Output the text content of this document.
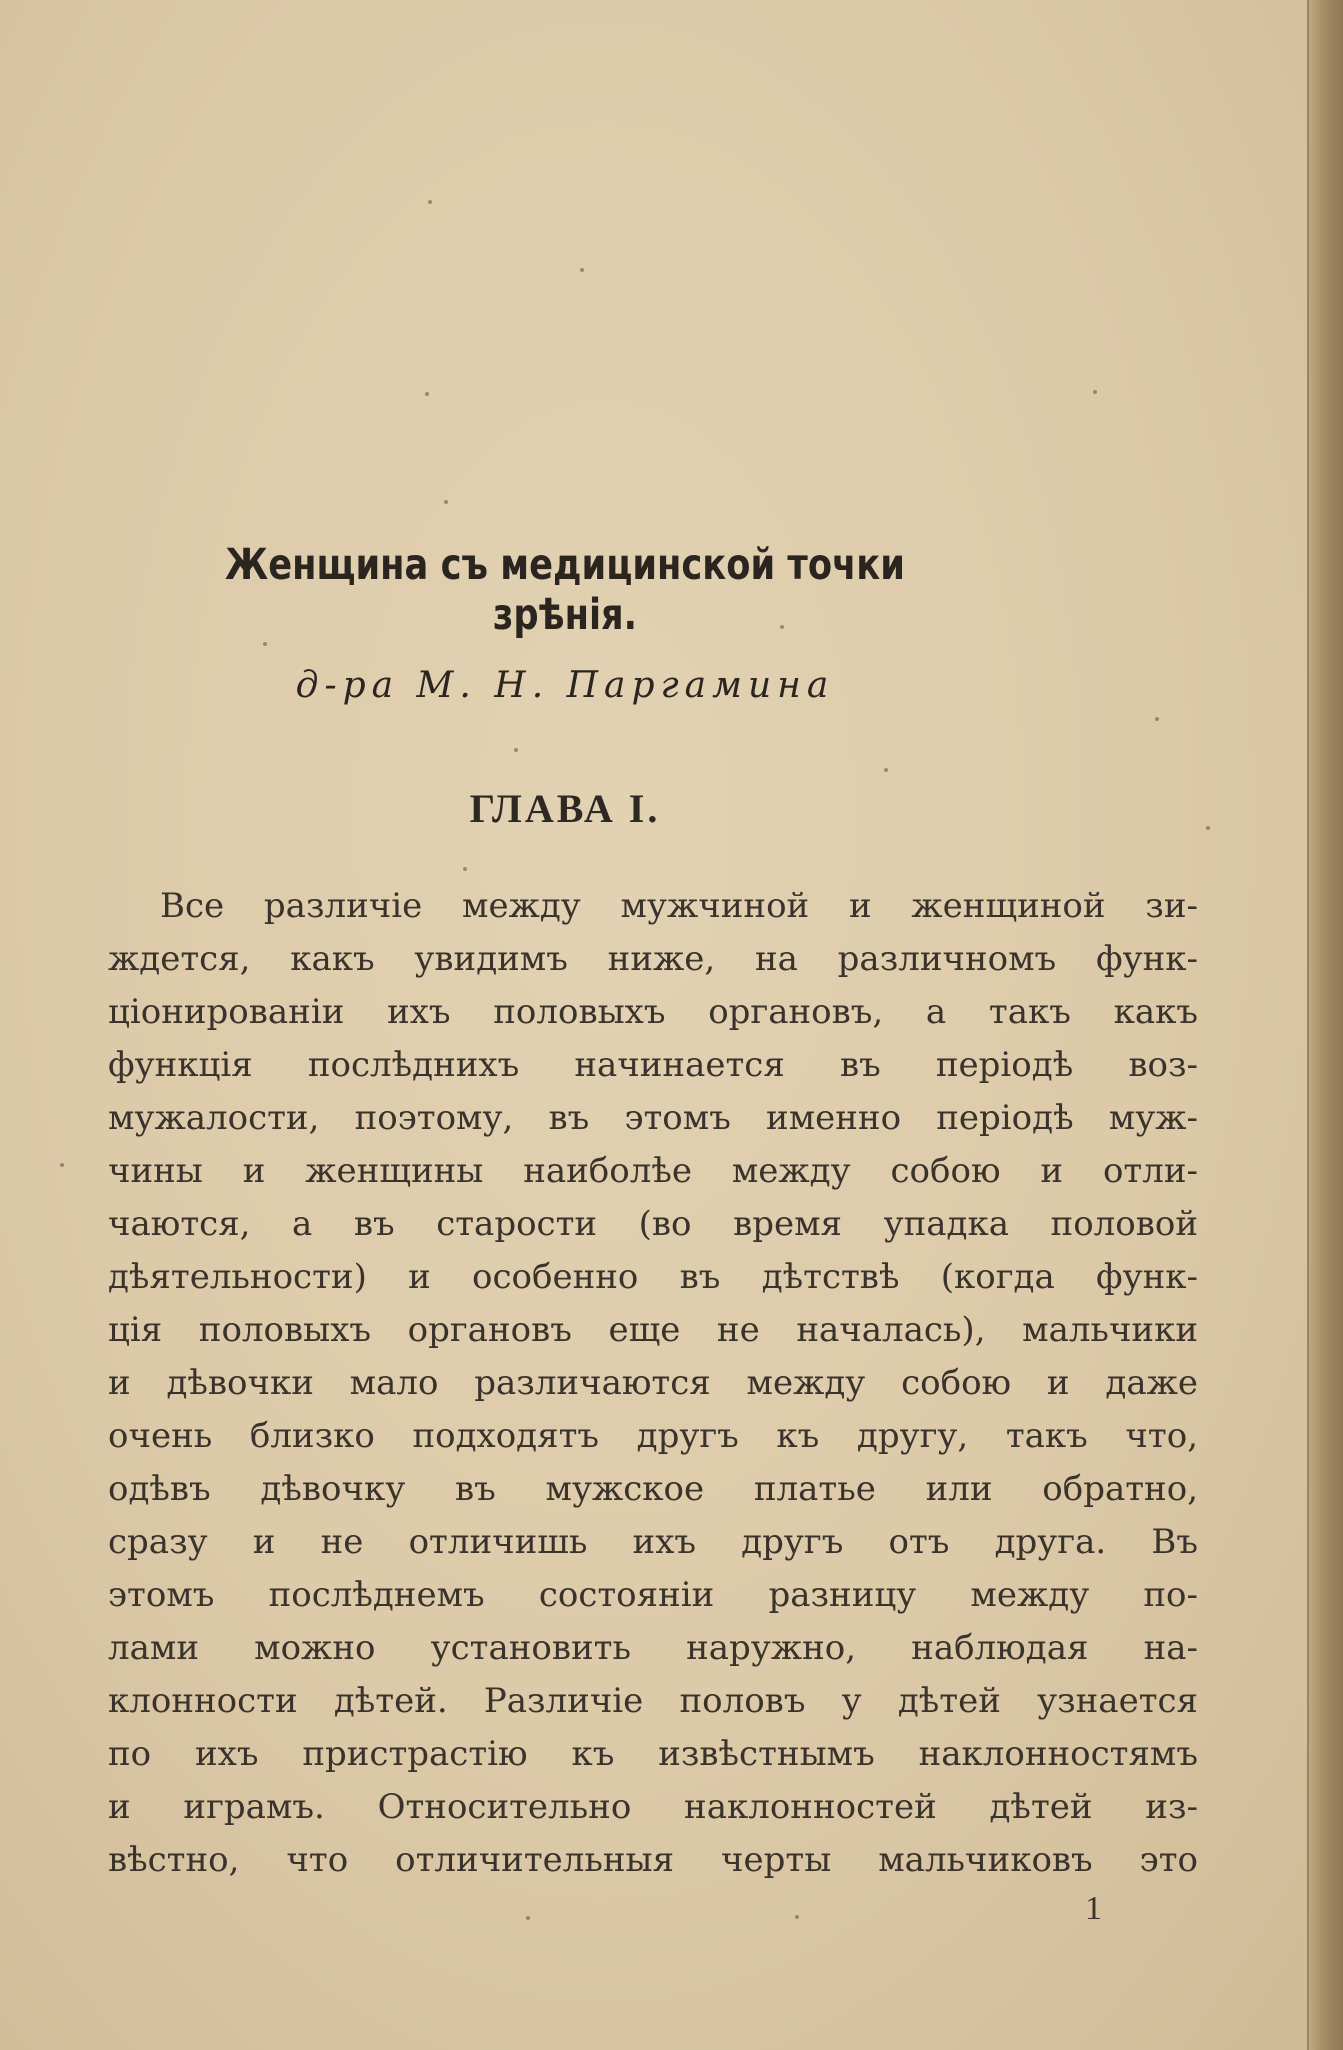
Женщина съ медицинской точки зрѣнія.

д-ра М. Н. Паргамина

ГЛАВА I.
Все различіе между мужчиной и женщиной зи-
ждется, какъ увидимъ ниже, на различномъ функ-
ціонированіи ихъ половыхъ органовъ, а такъ какъ
функція послѣднихъ начинается въ періодѣ воз-
мужалости, поэтому, въ этомъ именно періодѣ муж-
чины и женщины наиболѣе между собою и отли-
чаются, а въ старости (во время упадка половой
дѣятельности) и особенно въ дѣтствѣ (когда функ-
ція половыхъ органовъ еще не началась), мальчики
и дѣвочки мало различаются между собою и даже
очень близко подходятъ другъ къ другу, такъ что,
одѣвъ дѣвочку въ мужское платье или обратно,
сразу и не отличишь ихъ другъ отъ друга. Въ
этомъ послѣднемъ состояніи разницу между по-
лами можно установить наружно, наблюдая на-
клонности дѣтей. Различіе половъ у дѣтей узнается
по ихъ пристрастію къ извѣстнымъ наклонностямъ
и играмъ. Относительно наклонностей дѣтей из-
вѣстно, что отличительныя черты мальчиковъ это

1
